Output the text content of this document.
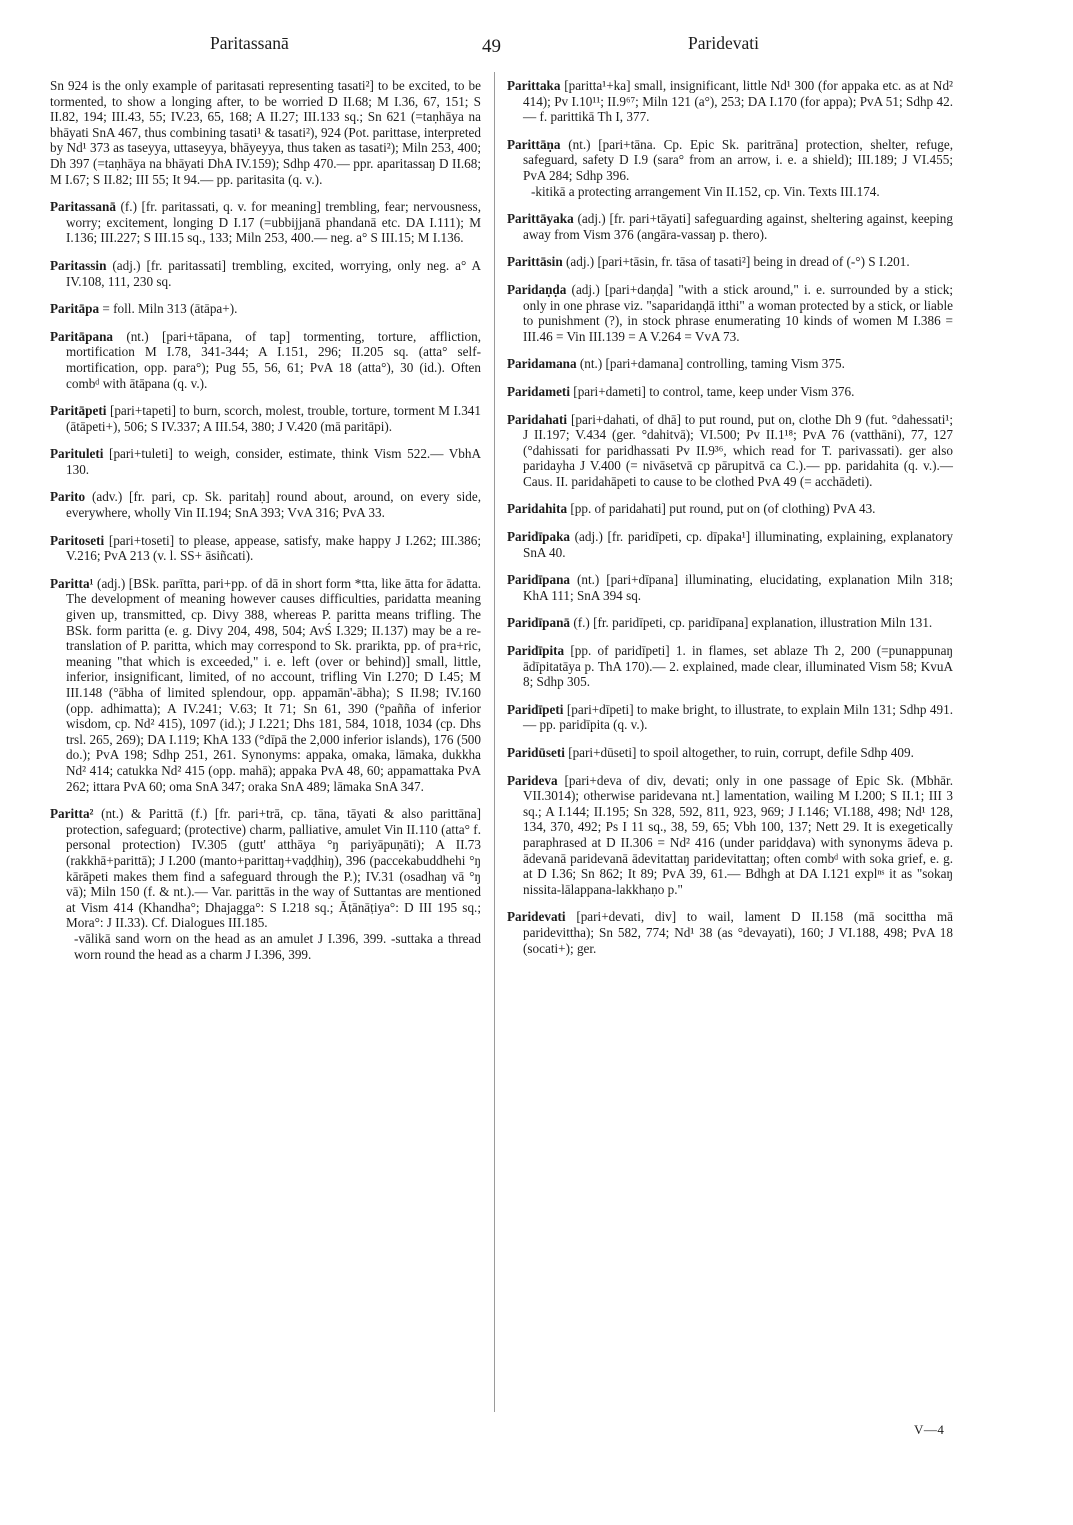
Paritassanā	49	Paridevati

Sn 924 is the only example of paritasati representing tasati²] to be excited, to be tormented, to show a longing after, to be worried D II.68; M I.36, 67, 151; S II.82, 194; III.43, 55; IV.23, 65, 168; A II.27; III.133 sq.; Sn 621 (=taṇhāya na bhāyati SnA 467, thus combining tasati¹ & tasati²), 924 (Pot. parittase, interpreted by Nd¹ 373 as taseyya, uttaseyya, bhāyeyya, thus taken as tasati²); Miln 253, 400; Dh 397 (=taṇhāya na bhāyati DhA IV.159); Sdhp 470.— ppr. aparitassaŋ D II.68; M I.67; S II.82; III 55; It 94.— pp. paritasita (q. v.).

Paritassanā (f.) [fr. paritassati, q. v. for meaning] trembling, fear; nervousness, worry; excitement, longing D I.17 (=ubbijjanā phandanā etc. DA I.111); M I.136; III.227; S III.15 sq., 133; Miln 253, 400.— neg. a° S III.15; M I.136.

Paritassin (adj.) [fr. paritassati] trembling, excited, worrying, only neg. a° A IV.108, 111, 230 sq.

Paritāpa = foll. Miln 313 (ātāpa+).

Paritāpana (nt.) [pari+tāpana, of tap] tormenting, torture, affliction, mortification M I.78, 341-344; A I.151, 296; II.205 sq. (atta° self-mortification, opp. para°); Pug 55, 56, 61; PvA 18 (atta°), 30 (id.). Often combᵈ with ātāpana (q. v.).

Paritāpeti [pari+tapeti] to burn, scorch, molest, trouble, torture, torment M I.341 (ātāpeti+), 506; S IV.337; A III.54, 380; J V.420 (mā paritāpi).

Parituleti [pari+tuleti] to weigh, consider, estimate, think Vism 522.— VbhA 130.

Parito (adv.) [fr. pari, cp. Sk. paritaḥ] round about, around, on every side, everywhere, wholly Vin II.194; SnA 393; VvA 316; PvA 33.

Paritoseti [pari+toseti] to please, appease, satisfy, make happy J I.262; III.386; V.216; PvA 213 (v. l. SS+ āsiñcati).

Paritta¹ (adj.) [BSk. parītta, pari+pp. of dā in short form *tta, like ātta for ādatta. The development of meaning however causes difficulties, paridatta meaning given up, transmitted, cp. Divy 388, whereas P. paritta means trifling. The BSk. form paritta (e. g. Divy 204, 498, 504; AvŚ I.329; II.137) may be a re-translation of P. paritta, which may correspond to Sk. prarikta, pp. of pra+ric, meaning "that which is exceeded," i. e. left (over or behind)] small, little, inferior, insignificant, limited, of no account, trifling Vin I.270; D I.45; M III.148 (°ābha of limited splendour, opp. appamān'-ābha); S II.98; IV.160 (opp. adhimatta); A IV.241; V.63; It 71; Sn 61, 390 (°pañña of inferior wisdom, cp. Nd² 415), 1097 (id.); J I.221; Dhs 181, 584, 1018, 1034 (cp. Dhs trsl. 265, 269); DA I.119; KhA 133 (°dīpā the 2,000 inferior islands), 176 (500 do.); PvA 198; Sdhp 251, 261. Synonyms: appaka, omaka, lāmaka, dukkha Nd² 414; catukka Nd² 415 (opp. mahā); appaka PvA 48, 60; appamattaka PvA 262; ittara PvA 60; oma SnA 347; oraka SnA 489; lāmaka SnA 347.

Paritta² (nt.) & Parittā (f.) [fr. pari+trā, cp. tāna, tāyati & also parittāna] protection, safeguard; (protective) charm, palliative, amulet Vin II.110 (atta° f. personal protection) IV.305 (gutt' atthāya °ŋ pariyāpuṇāti); A II.73 (rakkhā+parittā); J I.200 (manto+parittaŋ+vaḍḍhiŋ), 396 (paccekabuddhehi °ŋ kārāpeti makes them find a safeguard through the P.); IV.31 (osadhaŋ vā °ŋ vā); Miln 150 (f. & nt.).— Var. parittās in the way of Suttantas are mentioned at Vism 414 (Khandha°; Dhajagga°: S I.218 sq.; Āṭānāṭiya°: D III 195 sq.; Mora°: J II.33). Cf. Dialogues III.185.
-vālikā sand worn on the head as an amulet J I.396, 399. -suttaka a thread worn round the head as a charm J I.396, 399.

Parittaka [paritta¹+ka] small, insignificant, little Nd¹ 300 (for appaka etc. as at Nd² 414); Pv I.10¹¹; II.9⁶⁷; Miln 121 (a°), 253; DA I.170 (for appa); PvA 51; Sdhp 42.— f. parittikā Th I, 377.

Parittāṇa (nt.) [pari+tāna. Cp. Epic Sk. paritrāna] protection, shelter, refuge, safeguard, safety D I.9 (sara° from an arrow, i. e. a shield); III.189; J VI.455; PvA 284; Sdhp 396.
-kitikā a protecting arrangement Vin II.152, cp. Vin. Texts III.174.

Parittāyaka (adj.) [fr. pari+tāyati] safeguarding against, sheltering against, keeping away from Vism 376 (angāra-vassaŋ p. thero).

Parittāsin (adj.) [pari+tāsin, fr. tāsa of tasati²] being in dread of (-°) S I.201.

Paridaṇḍa (adj.) [pari+daṇḍa] "with a stick around," i. e. surrounded by a stick; only in one phrase viz. "saparidaṇḍā itthi" a woman protected by a stick, or liable to punishment (?), in stock phrase enumerating 10 kinds of women M I.386 = III.46 = Vin III.139 = A V.264 = VvA 73.

Paridamana (nt.) [pari+damana] controlling, taming Vism 375.

Paridameti [pari+dameti] to control, tame, keep under Vism 376.

Paridahati [pari+dahati, of dhā] to put round, put on, clothe Dh 9 (fut. °dahessati¹; J II.197; V.434 (ger. °dahitvā); VI.500; Pv II.1¹⁸; PvA 76 (vatthāni), 77, 127 (°dahissati for paridhassati Pv II.9³⁶, which read for T. parivassati). ger also paridayha J V.400 (= nivāsetvā cp pārupitvā ca C.).— pp. paridahita (q. v.).— Caus. II. paridahāpeti to cause to be clothed PvA 49 (= acchādeti).

Paridahita [pp. of paridahati] put round, put on (of clothing) PvA 43.

Paridīpaka (adj.) [fr. paridīpeti, cp. dīpaka¹] illuminating, explaining, explanatory SnA 40.

Paridīpana (nt.) [pari+dīpana] illuminating, elucidating, explanation Miln 318; KhA 111; SnA 394 sq.

Paridīpanā (f.) [fr. paridīpeti, cp. paridīpana] explanation, illustration Miln 131.

Paridīpita [pp. of paridīpeti] 1. in flames, set ablaze Th 2, 200 (=punappunaŋ ādīpitatāya p. ThA 170).— 2. explained, made clear, illuminated Vism 58; KvuA 8; Sdhp 305.

Paridīpeti [pari+dīpeti] to make bright, to illustrate, to explain Miln 131; Sdhp 491.— pp. paridīpita (q. v.).

Paridūseti [pari+dūseti] to spoil altogether, to ruin, corrupt, defile Sdhp 409.

Parideva [pari+deva of div, devati; only in one passage of Epic Sk. (Mbhār. VII.3014); otherwise paridevana nt.] lamentation, wailing M I.200; S II.1; III 3 sq.; A I.144; II.195; Sn 328, 592, 811, 923, 969; J I.146; VI.188, 498; Nd¹ 128, 134, 370, 492; Ps I 11 sq., 38, 59, 65; Vbh 100, 137; Nett 29. It is exegetically paraphrased at D II.306 = Nd² 416 (under paridḍava) with synonyms ādeva p. ādevanā paridevanā ādevitattaŋ paridevitattaŋ; often combᵈ with soka grief, e. g. at D I.36; Sn 862; It 89; PvA 39, 61.— Bdhgh at DA I.121 explⁿˢ it as "sokaŋ nissita-lālappana-lakkhaṇo p."

Paridevati [pari+devati, div] to wail, lament D II.158 (mā socittha mā paridevittha); Sn 582, 774; Nd¹ 38 (as °devayati), 160; J VI.188, 498; PvA 18 (socati+); ger.

V—4
